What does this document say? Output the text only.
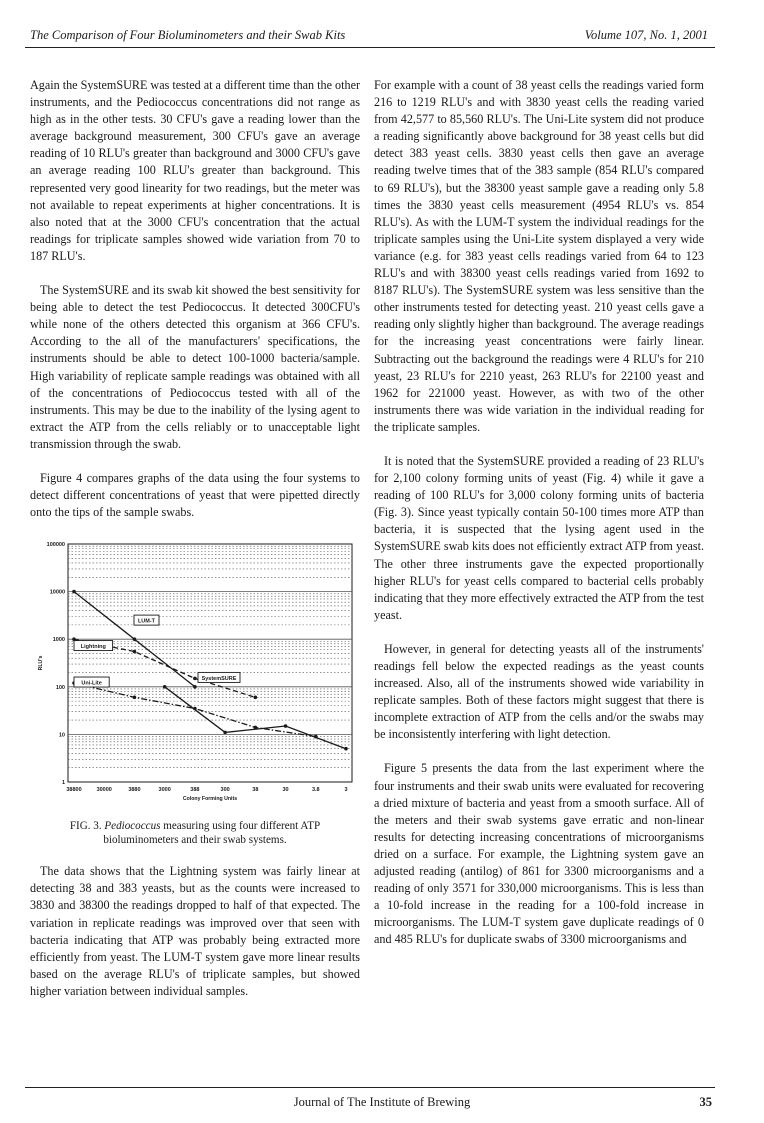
The Comparison of Four Bioluminometers and their Swab Kits	Volume 107, No. 1, 2001

Again the SystemSURE was tested at a different time than the other instruments, and the Pediococcus concentrations did not range as high as in the other tests. 30 CFU's gave a reading lower than the average background measurement, 300 CFU's gave an average reading of 10 RLU's greater than background and 3000 CFU's gave an average reading 100 RLU's greater than background. This represented very good linearity for two readings, but the meter was not available to repeat experiments at higher concentrations. It is also noted that at the 3000 CFU's concentration that the actual readings for triplicate samples showed wide variation from 70 to 187 RLU's.

The SystemSURE and its swab kit showed the best sensitivity for being able to detect the test Pediococcus. It detected 300CFU's while none of the others detected this organism at 366 CFU's. According to the all of the manufacturers' specifications, the instruments should be able to detect 100-1000 bacteria/sample. High variability of replicate sample readings was obtained with all of the concentrations of Pediococcus tested with all of the instruments. This may be due to the inability of the lysing agent to extract the ATP from the cells reliably or to unacceptable light transmission through the swab.

Figure 4 compares graphs of the data using the four systems to detect different concentrations of yeast that were pipetted directly onto the tips of the sample swabs.

100000
10000
1000
100
10
1
38800	30000	3880	3000	388	300	38	30	3.8	3
Colony Forming Units
RLU's
LUM-T
Lightning
Uni-Lite
SystemSURE
FIG. 3. Pediococcus measuring using four different ATP bioluminometers and their swab systems.

The data shows that the Lightning system was fairly linear at detecting 38 and 383 yeasts, but as the counts were increased to 3830 and 38300 the readings dropped to half of that expected. The variation in replicate readings was improved over that seen with bacteria indicating that ATP was probably being extracted more efficiently from yeast. The LUM-T system gave more linear results based on the average RLU's of triplicate samples, but showed higher variation between individual samples.

For example with a count of 38 yeast cells the readings varied form 216 to 1219 RLU's and with 3830 yeast cells the reading varied from 42,577 to 85,560 RLU's. The Uni-Lite system did not produce a reading significantly above background for 38 yeast cells but did detect 383 yeast cells. 3830 yeast cells then gave an average reading twelve times that of the 383 sample (854 RLU's compared to 69 RLU's), but the 38300 yeast sample gave a reading only 5.8 times the 3830 yeast cells measurement (4954 RLU's vs. 854 RLU's). As with the LUM-T system the individual readings for the triplicate samples using the Uni-Lite system displayed a very wide variance (e.g. for 383 yeast cells readings varied from 64 to 123 RLU's and with 38300 yeast cells readings varied from 1692 to 8187 RLU's). The SystemSURE system was less sensitive than the other instruments tested for detecting yeast. 210 yeast cells gave a reading only slightly higher than background. The average readings for the increasing yeast concentrations were fairly linear. Subtracting out the background the readings were 4 RLU's for 210 yeast, 23 RLU's for 2210 yeast, 263 RLU's for 22100 yeast and 1962 for 221000 yeast. However, as with two of the other instruments there was wide variation in the individual reading for the triplicate samples.

It is noted that the SystemSURE provided a reading of 23 RLU's for 2,100 colony forming units of yeast (Fig. 4) while it gave a reading of 100 RLU's for 3,000 colony forming units of bacteria (Fig. 3). Since yeast typically contain 50-100 times more ATP than bacteria, it is suspected that the lysing agent used in the SystemSURE swab kits does not efficiently extract ATP from yeast. The other three instruments gave the expected proportionally higher RLU's for yeast cells compared to bacterial cells probably indicating that they more effectively extracted the ATP from the test yeast.

However, in general for detecting yeasts all of the instruments' readings fell below the expected readings as the yeast counts increased. Also, all of the instruments showed wide variability in replicate samples. Both of these factors might suggest that there is incomplete extraction of ATP from the cells and/or the swabs may be inconsistently interfering with light detection.

Figure 5 presents the data from the last experiment where the four instruments and their swab units were evaluated for recovering a dried mixture of bacteria and yeast from a smooth surface. All of the meters and their swab systems gave erratic and non-linear results for detecting increasing concentrations of microorganisms dried on a surface. For example, the Lightning system gave an adjusted reading (antilog) of 861 for 3300 microorganisms and a reading of only 3571 for 330,000 microorganisms. This is less than a 10-fold increase in the reading for a 100-fold increase in microorganisms. The LUM-T system gave duplicate readings of 0 and 485 RLU's for duplicate swabs of 3300 microorganisms and

Journal of The Institute of Brewing	35
